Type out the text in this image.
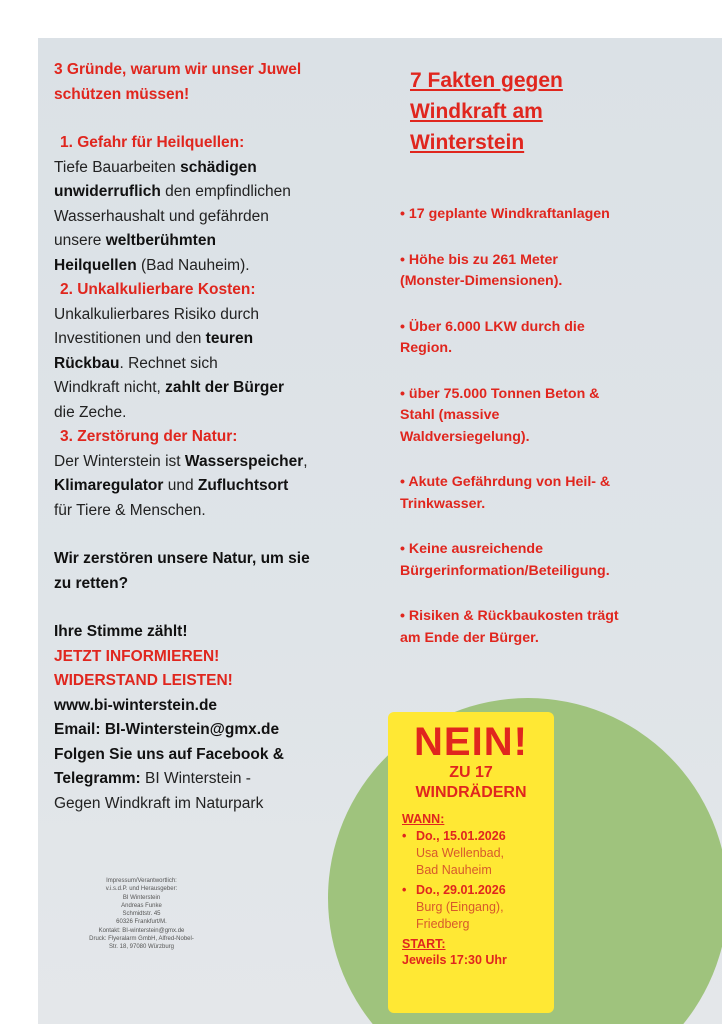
3 Gründe, warum wir unser Juwel
schützen müssen!

1. Gefahr für Heilquellen:
Tiefe Bauarbeiten schädigen
unwiderruflich den empfindlichen
Wasserhaushalt und gefährden
unsere weltberühmten
Heilquellen (Bad Nauheim).
2. Unkalkulierbare Kosten:
Unkalkulierbares Risiko durch
Investitionen und den teuren
Rückbau. Rechnet sich
Windkraft nicht, zahlt der Bürger
die Zeche.
3. Zerstörung der Natur:
Der Winterstein ist Wasserspeicher,
Klimaregulator und Zufluchtsort
für Tiere & Menschen.

Wir zerstören unsere Natur, um sie
zu retten?

Ihre Stimme zählt!
JETZT INFORMIEREN!
WIDERSTAND LEISTEN!
www.bi-winterstein.de
Email: BI-Winterstein@gmx.de
Folgen Sie uns auf Facebook &
Telegramm: BI Winterstein -
Gegen Windkraft im Naturpark
Impressum/Verantwortlich:
v.i.s.d.P. und Herausgeber:
BI Winterstein
Andreas Funke
Schmidtstr. 45
60326 Frankfurt/M.
Kontakt: BI-winterstein@gmx.de
Druck: Flyeralarm GmbH, Alfred-Nobel-
Str. 18, 97080 Würzburg
7 Fakten gegen
Windkraft am
Winterstein
• 17 geplante Windkraftanlagen
• Höhe bis zu 261 Meter
(Monster-Dimensionen).
• Über 6.000 LKW durch die
Region.
• über 75.000 Tonnen Beton &
Stahl (massive
Waldversiegelung).
• Akute Gefährdung von Heil- &
Trinkwasser.
• Keine ausreichende
Bürgerinformation/Beteiligung.
• Risiken & Rückbaukosten trägt
am Ende der Bürger.
NEIN!
ZU 17
WINDRÄDERN
WANN:
• Do., 15.01.2026
Usa Wellenbad,
Bad Nauheim
• Do., 29.01.2026
Burg (Eingang),
Friedberg
START:
Jeweils 17:30 Uhr
